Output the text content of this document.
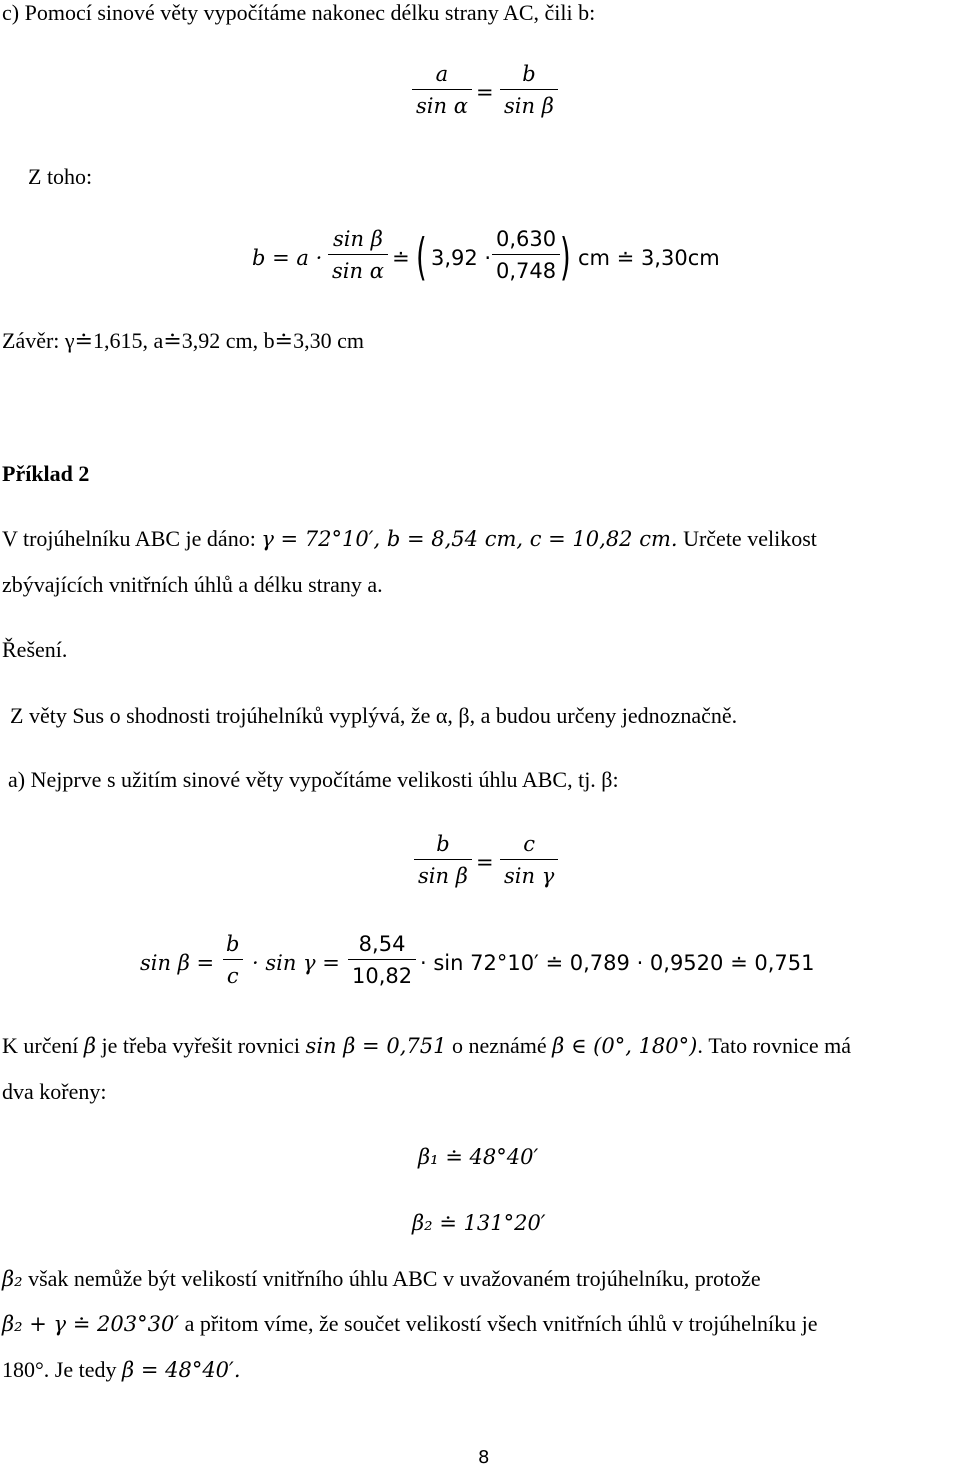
c) Pomocí sinové věty vypočítáme nakonec délku strany AC, čili b:
$\frac{a}{\text{sin α}} = \frac{b}{\text{sin β}}$
Z toho:
$b = a \cdot \frac{\text{sin β}}{\text{sin α}}$ ≐ ( $3,92 \cdot \frac{0,630}{0,748}$ ) cm ≐ 3,30cm
Závěr: γ≐1,615, a≐3,92 cm, b≐3,30 cm
Příklad 2
V trojúhelníku ABC je dáno: γ = 72°10′, b = 8,54 cm, c = 10,82 cm. Určete velikost
zbývajících vnitřních úhlů a délku strany a.
Řešení.
Z věty Sus o shodnosti trojúhelníků vyplývá, že α, β, a budou určeny jednoznačně.
a) Nejprve s užitím sinové věty vypočítáme velikosti úhlu ABC, tj. β:
$\frac{b}{\text{sin β}} = \frac{c}{\text{sin γ}}$
$\sin \beta = \frac{b}{c} \cdot \sin \gamma = \frac{8,54}{10,82} \cdot \sin 72^\circ 10'$ ≐ 0,789 · 0,9520 ≐ 0,751
K určení β je třeba vyřešit rovnici sin β = 0,751 o neznámé β ∈ (0°, 180°). Tato rovnice má
dva kořeny:
β₁ ≐ 48°40′
β₂ ≐ 131°20′
β₂ však nemůže být velikostí vnitřního úhlu ABC v uvažovaném trojúhelníku, protože
β₂ + γ ≐ 203°30′ a přitom víme, že součet velikostí všech vnitřních úhlů v trojúhelníku je
180°. Je tedy β = 48°40′.
8
